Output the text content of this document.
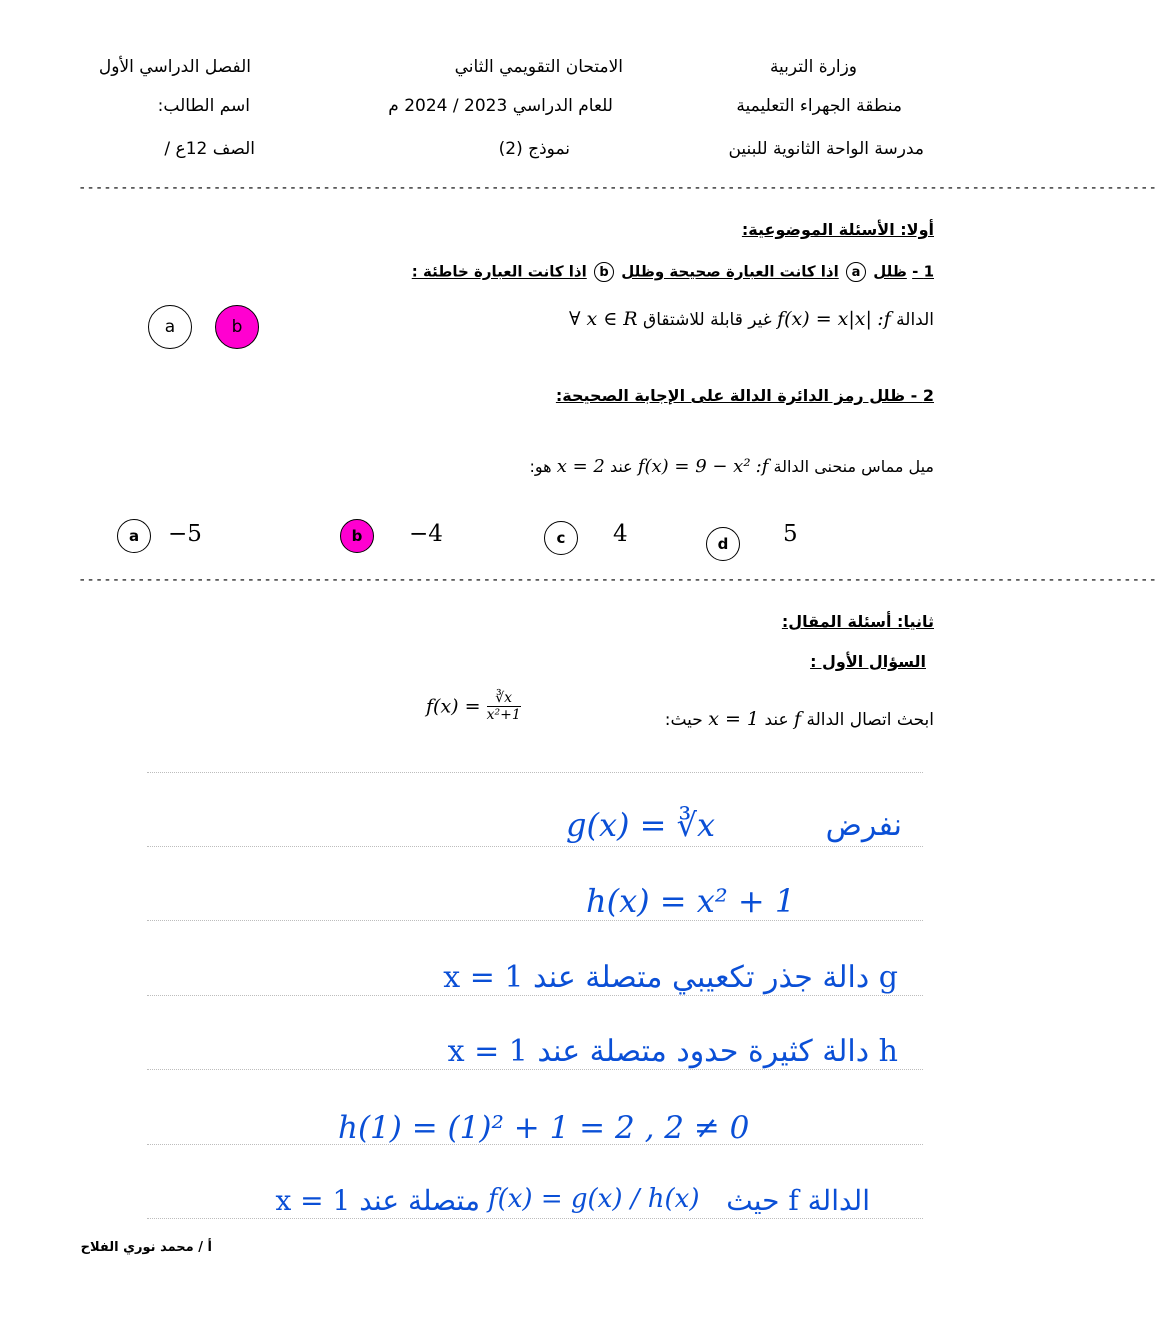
وزارة التربية
منطقة الجهراء التعليمية
مدرسة الواحة الثانوية للبنين
الامتحان التقويمي الثاني
للعام الدراسي 2023 / 2024 م
نموذج (2)
الفصل الدراسي الأول
اسم الطالب:
الصف 12ع /
--------------------------------------------------------------------------------------------------------------------------------
أولا: الأسئلة الموضوعية:
1 - ظلل a اذا كانت العبارة صحيحة وظلل b اذا كانت العبارة خاطئة :
الدالة f: f(x) = x|x| غير قابلة للاشتقاق ∀ x ∈ R
a	b
2 - ظلل رمز الدائرة الدالة على الإجابة الصحيحة:
ميل مماس منحنى الدالة f: f(x) = 9 − x² عند x = 2 هو:
a −5	b −4	c 4	d 5
--------------------------------------------------------------------------------------------------------------------------------
ثانيا: أسئلة المقال:
السؤال الأول :
ابحث اتصال الدالة f عند x = 1 حيث:
$f(x) = \frac{∛x}{\text{x²+1}}$
نفرض
g(x) = ∛x
h(x) = x² + 1
g دالة جذر تكعيبي متصلة عند x = 1
h دالة كثيرة حدود متصلة عند x = 1
h(1) = (1)² + 1 = 2 , 2 ≠ 0
الدالة f حيث
f(x) = g(x) / h(x)
متصلة عند x = 1
أ / محمد نوري الفلاح
